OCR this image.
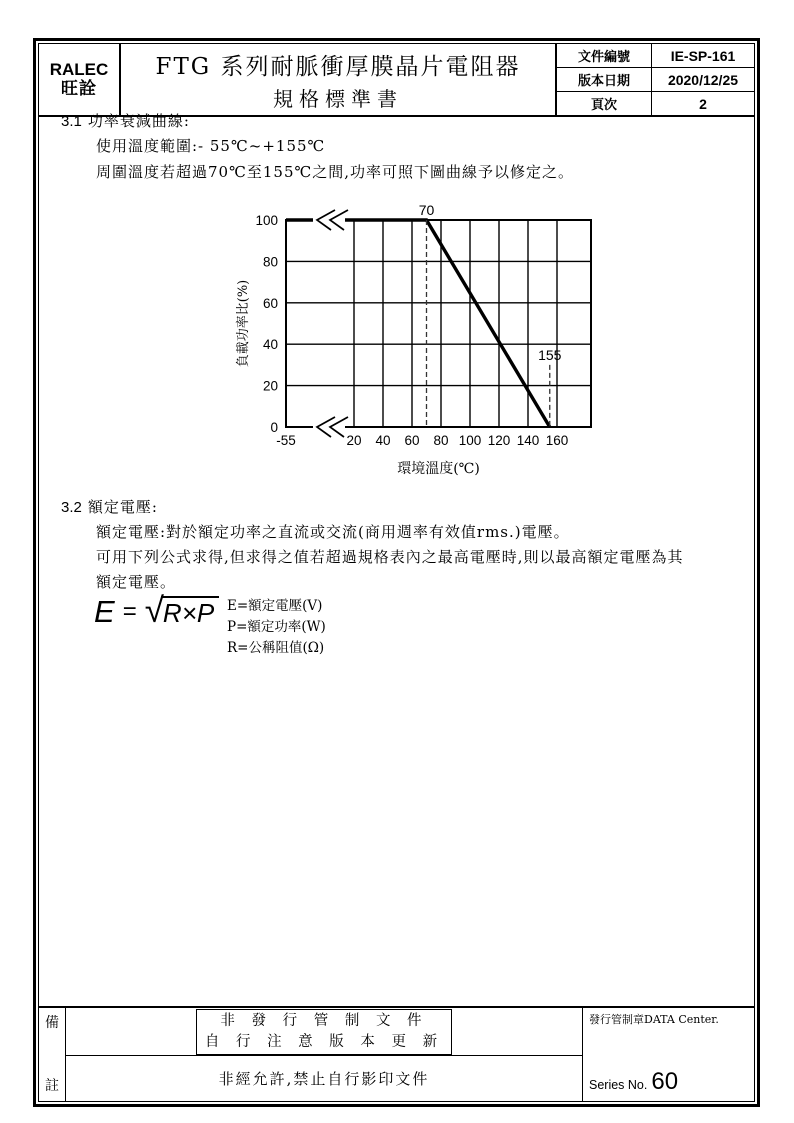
RALEC
旺詮
FTG 系列耐脈衝厚膜晶片電阻器
規格標準書
文件編號	IE-SP-161
版本日期	2020/12/25
頁次	2
3.1 功率衰減曲線:
使用溫度範圍:- 55℃~+155℃
周圍溫度若超過70℃至155℃之間,功率可照下圖曲線予以修定之。
70
155
0
20
40
60
80
100
-55	20 40 60 80 100 120 140 160
負載功率比(%)
環境溫度(℃)
3.2 額定電壓:
額定電壓:對於額定功率之直流或交流(商用週率有效值rms.)電壓。
可用下列公式求得,但求得之值若超過規格表內之最高電壓時,則以最高額定電壓為其
額定電壓。
E = √ R×P E=額定電壓(V)
P=額定功率(W)
R=公稱阻值(Ω)
備
註
非 發 行 管 制 文 件
自 行 注 意 版 本 更 新
非經允許,禁止自行影印文件
發行管制章DATA Center.
Series No. 60
